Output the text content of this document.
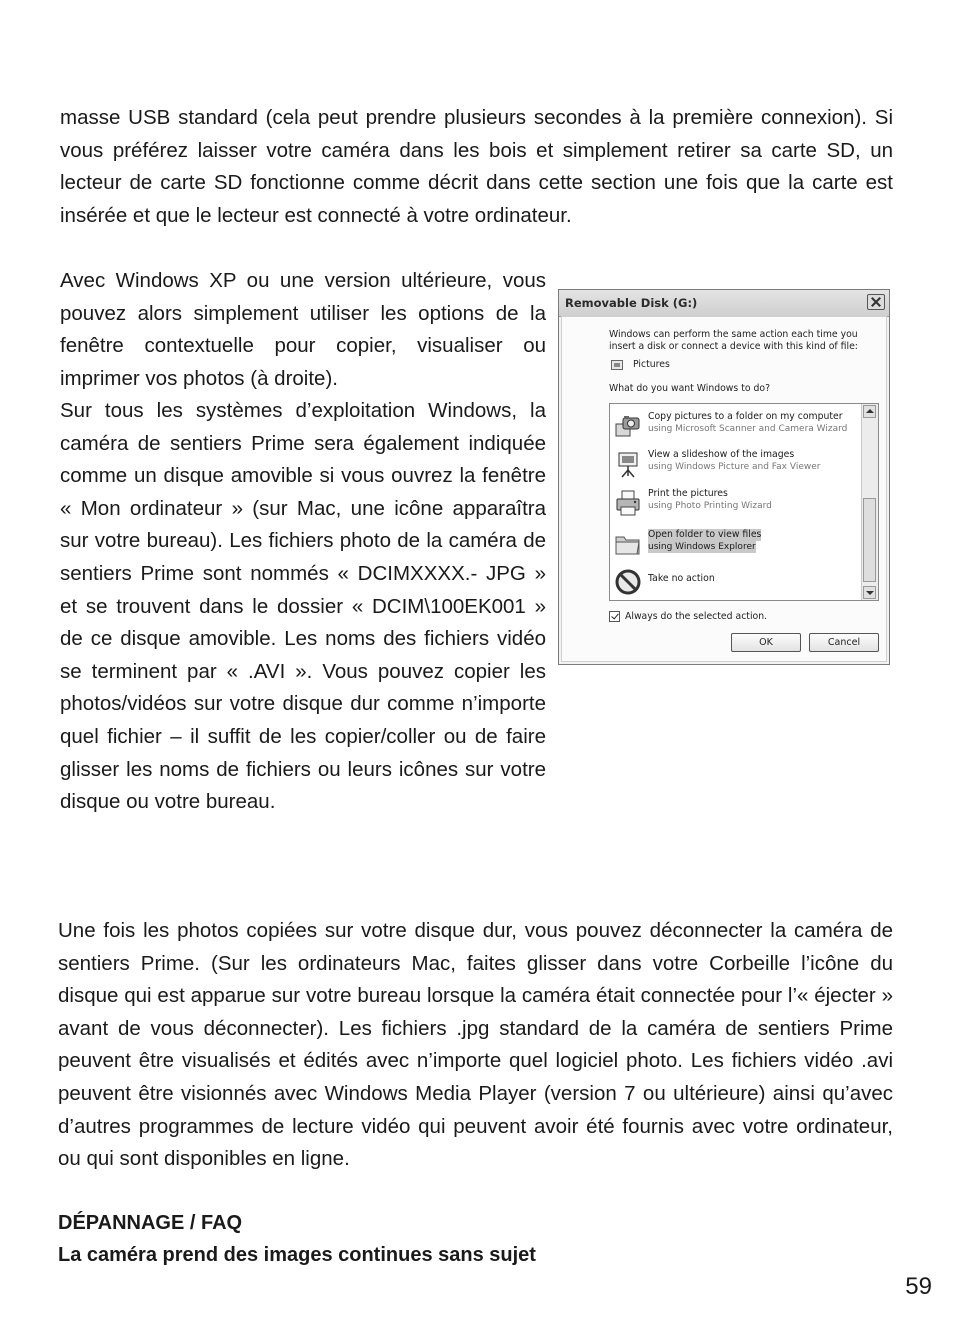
masse USB standard (cela peut prendre plusieurs secondes à la première connexion). Si vous préférez laisser votre caméra dans les bois et simplement retirer sa carte SD, un lecteur de carte SD fonctionne comme décrit dans cette section une fois que la carte est insérée et que le lecteur est connecté à votre ordinateur.

Avec Windows XP ou une version ultérieure, vous pouvez alors simplement utiliser les options de la fenêtre contextuelle pour copier, visualiser ou imprimer vos photos (à droite).

Sur tous les systèmes d’exploitation Windows, la caméra de sentiers Prime sera également indiquée comme un disque amovible si vous ouvrez la fenêtre « Mon ordinateur » (sur Mac, une icône apparaîtra sur votre bureau). Les fichiers photo de la caméra de sentiers Prime sont nommés « DCIMXXXX.- JPG » et se trouvent dans le dossier « DCIM\100EK001 » de ce disque amovible. Les noms des fichiers vidéo se terminent par « .AVI ». Vous pouvez copier les photos/vidéos sur votre disque dur comme n’importe quel fichier – il suffit de les copier/coller ou de faire glisser les noms de fichiers ou leurs icônes sur votre disque ou votre bureau.

Removable Disk (G:)
Windows can perform the same action each time you insert a disk or connect a device with this kind of file:
Pictures
What do you want Windows to do?
Copy pictures to a folder on my computer
using Microsoft Scanner and Camera Wizard
View a slideshow of the images
using Windows Picture and Fax Viewer
Print the pictures
using Photo Printing Wizard
Open folder to view files
using Windows Explorer
Take no action
Always do the selected action.
OK	Cancel

Une fois les photos copiées sur votre disque dur, vous pouvez déconnecter la caméra de sentiers Prime. (Sur les ordinateurs Mac, faites glisser dans votre Corbeille l’icône du disque qui est apparue sur votre bureau lorsque la caméra était connectée pour l’« éjecter » avant de vous déconnecter). Les fichiers .jpg standard de la caméra de sentiers Prime peuvent être visualisés et édités avec n’importe quel logiciel photo. Les fichiers vidéo .avi peuvent être visionnés avec Windows Media Player (version 7 ou ultérieure) ainsi qu’avec d’autres programmes de lecture vidéo qui peuvent avoir été fournis avec votre ordinateur, ou qui sont disponibles en ligne.

DÉPANNAGE / FAQ

La caméra prend des images continues sans sujet

59
